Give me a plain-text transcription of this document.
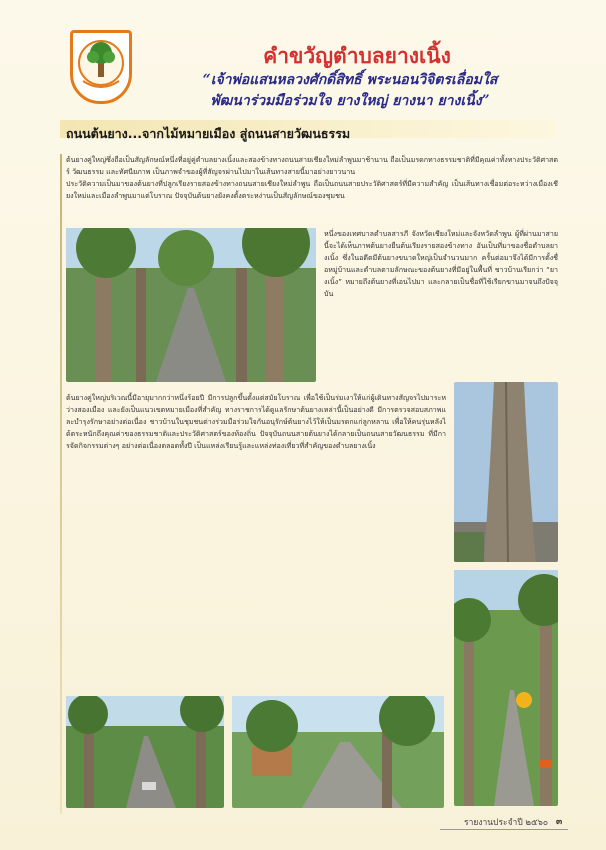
คำขวัญตำบลยางเนิ้ง
“เจ้าพ่อแสนหลวงศักดิ์สิทธิ์ พระนอนวิจิตรเลื่อมใส
พัฒนาร่วมมือร่วมใจ ยางใหญ่ ยางนา ยางเนิ้ง”
ถนนต้นยาง...จากไม้หมายเมือง สู่ถนนสายวัฒนธรรม
ต้นยางคู่ใหญ่ซึ่งถือเป็นสัญลักษณ์หนึ่งที่อยู่คู่ตำบลยางเนิ้งและสองข้างทางถนนสายเชียงใหม่ลำพูนมาช้านาน ถือเป็นมรดกทางธรรมชาติที่มีคุณค่าทั้งทางประวัติศาสตร์ วัฒนธรรม และทัศนียภาพ เป็นภาพจำของผู้ที่สัญจรผ่านไปมาในเส้นทางสายนี้มาอย่างยาวนาน
ประวัติความเป็นมาของต้นยางที่ปลูกเรียงรายสองข้างทางถนนสายเชียงใหม่ลำพูน ถือเป็นถนนสายประวัติศาสตร์ที่มีความสำคัญ เป็นเส้นทางเชื่อมต่อระหว่างเมืองเชียงใหม่และเมืองลำพูนมาแต่โบราณ ปัจจุบันต้นยางยังคงตั้งตระหง่านเป็นสัญลักษณ์ของชุมชน
หนึ่งของเทศบาลตำบลสารภี จังหวัดเชียงใหม่และจังหวัดลำพูน ผู้ที่ผ่านมาสายนี้จะได้เห็นภาพต้นยางยืนต้นเรียงรายสองข้างทาง อันเป็นที่มาของชื่อตำบลยางเนิ้ง ซึ่งในอดีตมีต้นยางขนาดใหญ่เป็นจำนวนมาก ครั้นต่อมาจึงได้มีการตั้งชื่อหมู่บ้านและตำบลตามลักษณะของต้นยางที่มีอยู่ในพื้นที่ ชาวบ้านเรียกว่า “ยางเนิ้ง” หมายถึงต้นยางที่เอนไปมา และกลายเป็นชื่อที่ใช้เรียกขานมาจนถึงปัจจุบัน
ต้นยางคู่ใหญ่บริเวณนี้มีอายุมากกว่าหนึ่งร้อยปี มีการปลูกขึ้นตั้งแต่สมัยโบราณ เพื่อใช้เป็นร่มเงาให้แก่ผู้เดินทางสัญจรไปมาระหว่างสองเมือง และยังเป็นแนวเขตหมายเมืองที่สำคัญ ทางราชการได้ดูแลรักษาต้นยางเหล่านี้เป็นอย่างดี มีการตรวจสอบสภาพและบำรุงรักษาอย่างต่อเนื่อง ชาวบ้านในชุมชนต่างร่วมมือร่วมใจกันอนุรักษ์ต้นยางไว้ให้เป็นมรดกแก่ลูกหลาน เพื่อให้คนรุ่นหลังได้ตระหนักถึงคุณค่าของธรรมชาติและประวัติศาสตร์ของท้องถิ่น ปัจจุบันถนนสายต้นยางได้กลายเป็นถนนสายวัฒนธรรม ที่มีการจัดกิจกรรมต่างๆ อย่างต่อเนื่องตลอดทั้งปี เป็นแหล่งเรียนรู้และแหล่งท่องเที่ยวที่สำคัญของตำบลยางเนิ้ง
รายงานประจำปี ๒๕๖๐ ๓
